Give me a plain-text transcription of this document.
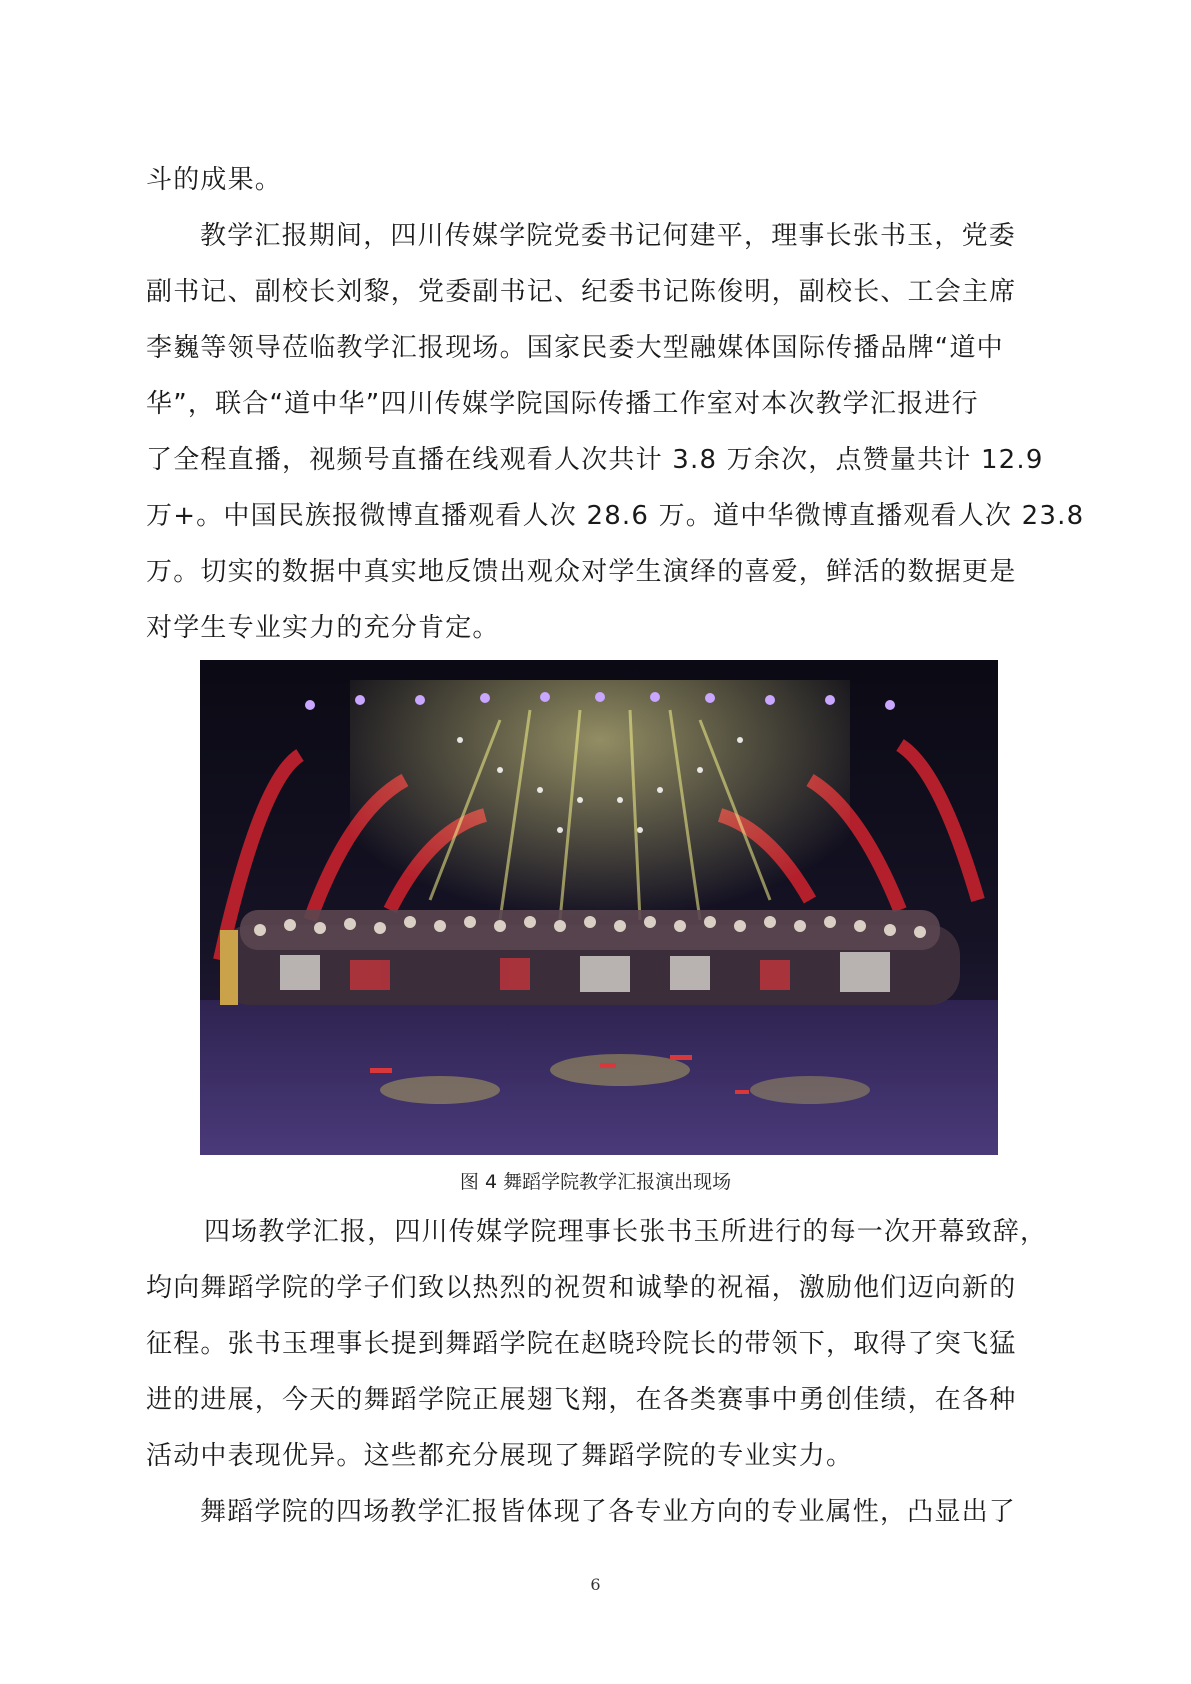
斗的成果。
教学汇报期间，四川传媒学院党委书记何建平，理事长张书玉，党委
副书记、副校长刘黎，党委副书记、纪委书记陈俊明，副校长、工会主席
李巍等领导莅临教学汇报现场。国家民委大型融媒体国际传播品牌“道中
华”，联合“道中华”四川传媒学院国际传播工作室对本次教学汇报进行
了全程直播，视频号直播在线观看人次共计 3.8 万余次，点赞量共计 12.9
万+。中国民族报微博直播观看人次 28.6 万。道中华微博直播观看人次 23.8
万。切实的数据中真实地反馈出观众对学生演绎的喜爱，鲜活的数据更是
对学生专业实力的充分肯定。
图 4 舞蹈学院教学汇报演出现场
四场教学汇报，四川传媒学院理事长张书玉所进行的每一次开幕致辞，
均向舞蹈学院的学子们致以热烈的祝贺和诚挚的祝福，激励他们迈向新的
征程。张书玉理事长提到舞蹈学院在赵晓玲院长的带领下，取得了突飞猛
进的进展，今天的舞蹈学院正展翅飞翔，在各类赛事中勇创佳绩，在各种
活动中表现优异。这些都充分展现了舞蹈学院的专业实力。
舞蹈学院的四场教学汇报皆体现了各专业方向的专业属性，凸显出了
6
